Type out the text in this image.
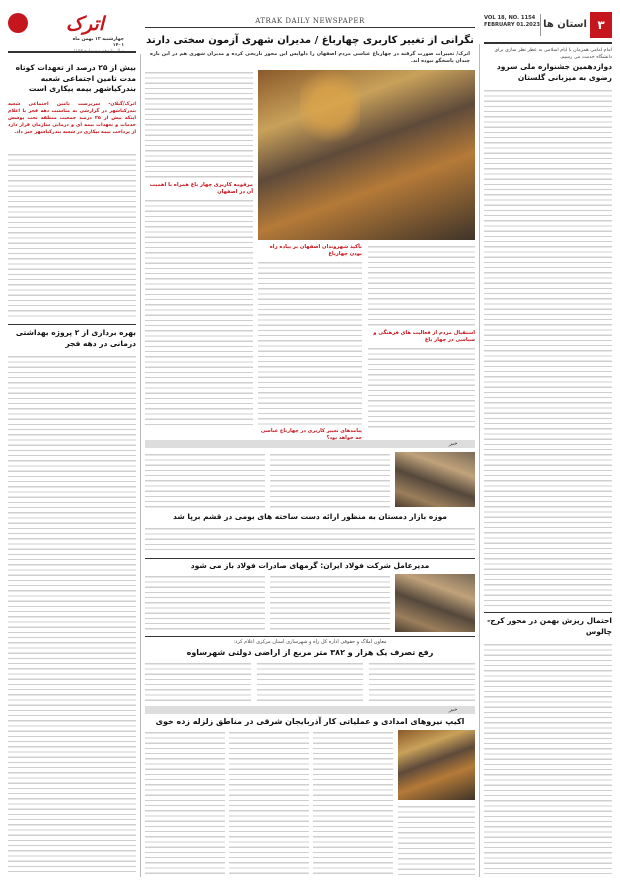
۳
استان ها
VOL 18, NO. 1154
FEBRUARY 01.2023
ATRAK DAILY NEWSPAPER
اترک
چهارشنبه ۱۲ بهمن ماه ۱۴۰۱ نگرانی از تغییر کاربری چهارباغ / مدیران شهری آزمون سختی دارند
اترک/ تغییرات صورت گرفته در چهارباغ عباسی مردم اصفهان را دلواپس این محور تاریخی کرده و مدیران شهری هم در این باره چندان پاسخگو نبوده اند.
مرقومه کاربری چهار باغ همراه با اهمیت آن در اصفهان
تأکید شهروندان اصفهان بر پیاده راه بودن چهارباغ
استقبال مردم از فعالیت های فرهنگی و سیاسی در چهار باغ
پیامدهای تغییر کاربری در چهارباغ عباسی چه خواهد بود؟
خبر
موزه بازار دمستان به منظور ارائه دست ساخته های بومی در قشم برپا شد
مدیرعامل شرکت فولاد ایران: گرمهای صادرات فولاد باز می شود
معاون املاک و حقوقی اداره کل راه و شهرسازی استان مرکزی اعلام کرد:
رفع تصرف یک هزار و ۳۸۲ متر مربع از اراضی دولتی شهرساوه
خبر
اکیپ نیروهای امدادی و عملیاتی کار آذربایجان شرقی در مناطق زلزله زده خوی
بیش از ۲۵ درصد از تعهدات کوتاه مدت تامین اجتماعی شعبه بندرکیاشهر بیمه بیکاری است
اترک/گیلان- سرپرست تامین اجتماعی شعبه بندرکیاشهر در گزارشی به مناسبت دهه فجر با اعلام اینکه بیش از ۲۵ درصد جمعیت منطقه تحت پوشش خدمات و تعهدات بیمه ای و درمانی سازمان قرار دارد از پرداخت بیمه بیکاری در شعبه بندرکیاشهر خبر داد.
بهره برداری از ۲ پروژه بهداشتی درمانی در دهه فجر
امام امامی همزمان با ایام اسلامی به عطر نظر سازی برای دانشگاه خدمت می رسیم.
دوازدهمین جشنواره ملی سرود رضوی به میزبانی گلستان
احتمال ریزش بهمن در محور کرج- چالوس
